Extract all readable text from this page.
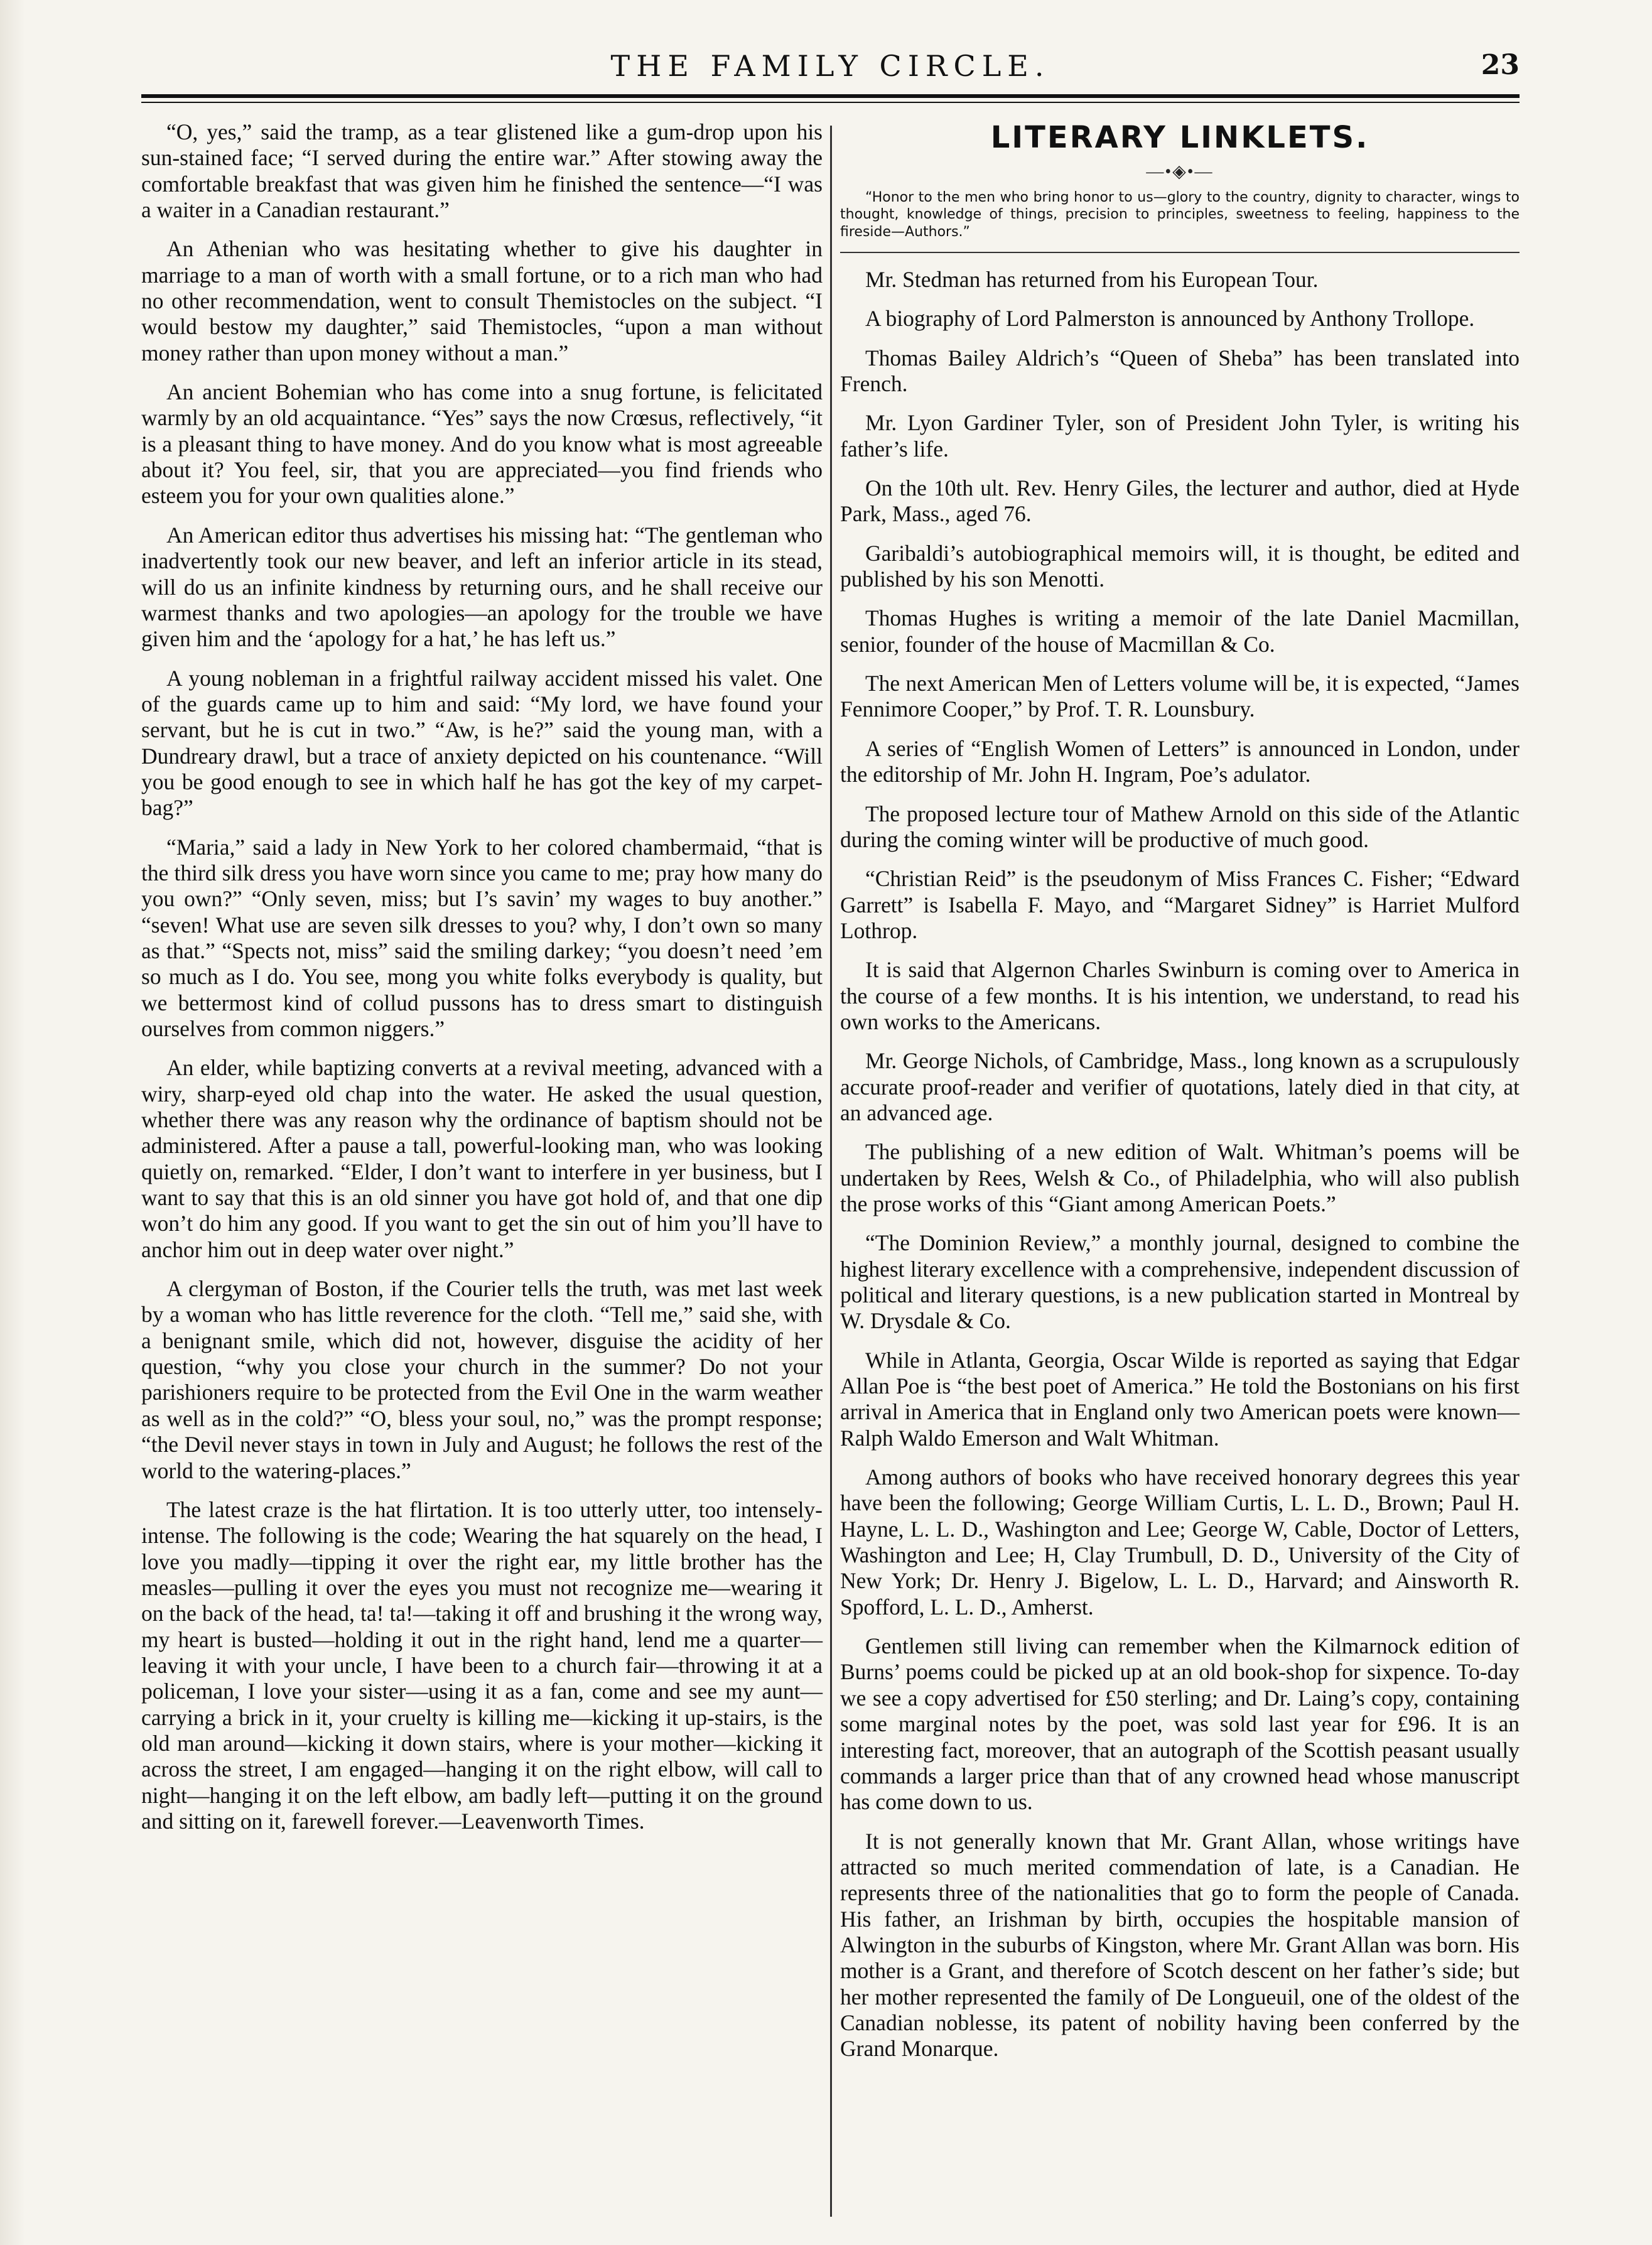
THE FAMILY CIRCLE.	23

“O, yes,” said the tramp, as a tear glistened like a gum-drop upon his sun-stained face; “I served during the entire war.” After stowing away the comfortable breakfast that was given him he finished the sentence—“I was a waiter in a Canadian restaurant.”

An Athenian who was hesitating whether to give his daughter in marriage to a man of worth with a small fortune, or to a rich man who had no other recommendation, went to consult Themistocles on the subject. “I would bestow my daughter,” said Themistocles, “upon a man without money rather than upon money without a man.”

An ancient Bohemian who has come into a snug fortune, is felicitated warmly by an old acquaintance. “Yes” says the now Crœsus, reflectively, “it is a pleasant thing to have money. And do you know what is most agreeable about it? You feel, sir, that you are appreciated—you find friends who esteem you for your own qualities alone.”

An American editor thus advertises his missing hat: “The gentleman who inadvertently took our new beaver, and left an inferior article in its stead, will do us an infinite kindness by returning ours, and he shall receive our warmest thanks and two apologies—an apology for the trouble we have given him and the ‘apology for a hat,’ he has left us.”

A young nobleman in a frightful railway accident missed his valet. One of the guards came up to him and said: “My lord, we have found your servant, but he is cut in two.” “Aw, is he?” said the young man, with a Dundreary drawl, but a trace of anxiety depicted on his countenance. “Will you be good enough to see in which half he has got the key of my carpet-bag?”

“Maria,” said a lady in New York to her colored chambermaid, “that is the third silk dress you have worn since you came to me; pray how many do you own?” “Only seven, miss; but I’s savin’ my wages to buy another.” “seven! What use are seven silk dresses to you? why, I don’t own so many as that.” “Spects not, miss” said the smiling darkey; “you doesn’t need ’em so much as I do. You see, mong you white folks everybody is quality, but we bettermost kind of collud pussons has to dress smart to distinguish ourselves from common niggers.”

An elder, while baptizing converts at a revival meeting, advanced with a wiry, sharp-eyed old chap into the water. He asked the usual question, whether there was any reason why the ordinance of baptism should not be administered. After a pause a tall, powerful-looking man, who was looking quietly on, remarked. “Elder, I don’t want to interfere in yer business, but I want to say that this is an old sinner you have got hold of, and that one dip won’t do him any good. If you want to get the sin out of him you’ll have to anchor him out in deep water over night.”

A clergyman of Boston, if the Courier tells the truth, was met last week by a woman who has little reverence for the cloth. “Tell me,” said she, with a benignant smile, which did not, however, disguise the acidity of her question, “why you close your church in the summer? Do not your parishioners require to be protected from the Evil One in the warm weather as well as in the cold?” “O, bless your soul, no,” was the prompt response; “the Devil never stays in town in July and August; he follows the rest of the world to the watering-places.”

The latest craze is the hat flirtation. It is too utterly utter, too intensely-intense. The following is the code; Wearing the hat squarely on the head, I love you madly—tipping it over the right ear, my little brother has the measles—pulling it over the eyes you must not recognize me—wearing it on the back of the head, ta! ta!—taking it off and brushing it the wrong way, my heart is busted—holding it out in the right hand, lend me a quarter—leaving it with your uncle, I have been to a church fair—throwing it at a policeman, I love your sister—using it as a fan, come and see my aunt—carrying a brick in it, your cruelty is killing me—kicking it up-stairs, is the old man around—kicking it down stairs, where is your mother—kicking it across the street, I am engaged—hanging it on the right elbow, will call to night—hanging it on the left elbow, am badly left—putting it on the ground and sitting on it, farewell forever.—Leavenworth Times.

LITERARY LINKLETS.
—•◈•—
“Honor to the men who bring honor to us—glory to the country, dignity to character, wings to thought, knowledge of things, precision to principles, sweetness to feeling, happiness to the fireside—Authors.”

Mr. Stedman has returned from his European Tour.

A biography of Lord Palmerston is announced by Anthony Trollope.

Thomas Bailey Aldrich’s “Queen of Sheba” has been translated into French.

Mr. Lyon Gardiner Tyler, son of President John Tyler, is writing his father’s life.

On the 10th ult. Rev. Henry Giles, the lecturer and author, died at Hyde Park, Mass., aged 76.

Garibaldi’s autobiographical memoirs will, it is thought, be edited and published by his son Menotti.

Thomas Hughes is writing a memoir of the late Daniel Macmillan, senior, founder of the house of Macmillan & Co.

The next American Men of Letters volume will be, it is expected, “James Fennimore Cooper,” by Prof. T. R. Lounsbury.

A series of “English Women of Letters” is announced in London, under the editorship of Mr. John H. Ingram, Poe’s adulator.

The proposed lecture tour of Mathew Arnold on this side of the Atlantic during the coming winter will be productive of much good.

“Christian Reid” is the pseudonym of Miss Frances C. Fisher; “Edward Garrett” is Isabella F. Mayo, and “Margaret Sidney” is Harriet Mulford Lothrop.

It is said that Algernon Charles Swinburn is coming over to America in the course of a few months. It is his intention, we understand, to read his own works to the Americans.

Mr. George Nichols, of Cambridge, Mass., long known as a scrupulously accurate proof-reader and verifier of quotations, lately died in that city, at an advanced age.

The publishing of a new edition of Walt. Whitman’s poems will be undertaken by Rees, Welsh & Co., of Philadelphia, who will also publish the prose works of this “Giant among American Poets.”

“The Dominion Review,” a monthly journal, designed to combine the highest literary excellence with a comprehensive, independent discussion of political and literary questions, is a new publication started in Montreal by W. Drysdale & Co.

While in Atlanta, Georgia, Oscar Wilde is reported as saying that Edgar Allan Poe is “the best poet of America.” He told the Bostonians on his first arrival in America that in England only two American poets were known—Ralph Waldo Emerson and Walt Whitman.

Among authors of books who have received honorary degrees this year have been the following; George William Curtis, L. L. D., Brown; Paul H. Hayne, L. L. D., Washington and Lee; George W, Cable, Doctor of Letters, Washington and Lee; H, Clay Trumbull, D. D., University of the City of New York; Dr. Henry J. Bigelow, L. L. D., Harvard; and Ainsworth R. Spofford, L. L. D., Amherst.

Gentlemen still living can remember when the Kilmarnock edition of Burns’ poems could be picked up at an old book-shop for sixpence. To-day we see a copy advertised for £50 sterling; and Dr. Laing’s copy, containing some marginal notes by the poet, was sold last year for £96. It is an interesting fact, moreover, that an autograph of the Scottish peasant usually commands a larger price than that of any crowned head whose manuscript has come down to us.

It is not generally known that Mr. Grant Allan, whose writings have attracted so much merited commendation of late, is a Canadian. He represents three of the nationalities that go to form the people of Canada. His father, an Irishman by birth, occupies the hospitable mansion of Alwington in the suburbs of Kingston, where Mr. Grant Allan was born. His mother is a Grant, and therefore of Scotch descent on her father’s side; but her mother represented the family of De Longueuil, one of the oldest of the Canadian noblesse, its patent of nobility having been conferred by the Grand Monarque.
